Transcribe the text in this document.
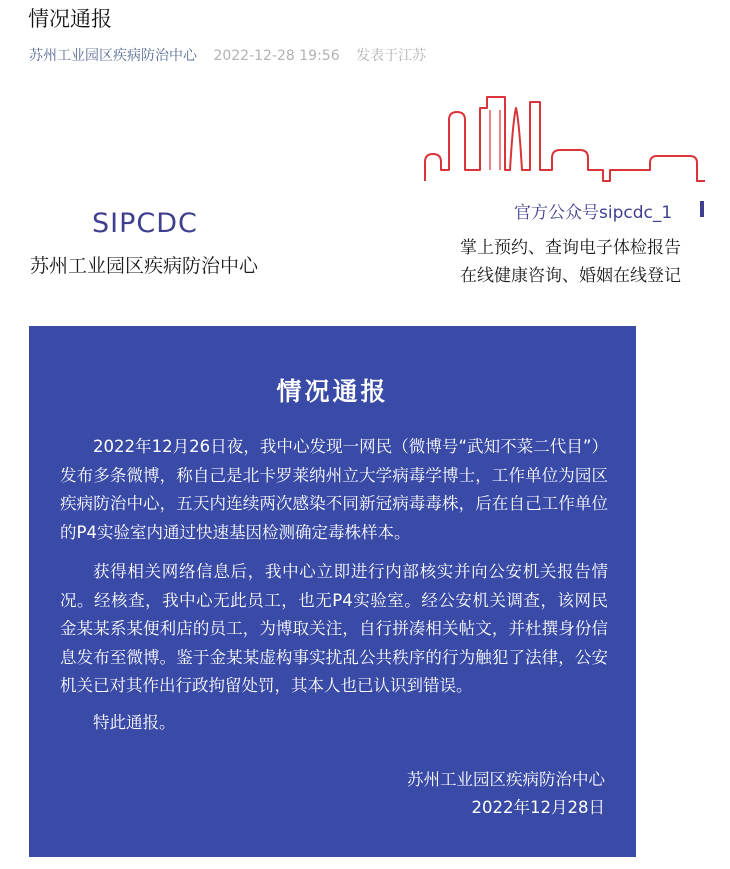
情况通报
苏州工业园区疾病防治中心 2022-12-28 19:56 发表于江苏
SIPCDC
苏州工业园区疾病防治中心
官方公众号sipcdc_1
掌上预约、查询电子体检报告
在线健康咨询、婚姻在线登记
情况通报
2022年12月26日夜，我中心发现一网民（微博号“武知不菜二代目”）发布多条微博，称自己是北卡罗莱纳州立大学病毒学博士，工作单位为园区疾病防治中心，五天内连续两次感染不同新冠病毒毒株，后在自己工作单位的P4实验室内通过快速基因检测确定毒株样本。
获得相关网络信息后，我中心立即进行内部核实并向公安机关报告情况。经核查，我中心无此员工，也无P4实验室。经公安机关调查，该网民金某某系某便利店的员工，为博取关注，自行拼凑相关帖文，并杜撰身份信息发布至微博。鉴于金某某虚构事实扰乱公共秩序的行为触犯了法律，公安机关已对其作出行政拘留处罚，其本人也已认识到错误。
特此通报。
苏州工业园区疾病防治中心
2022年12月28日
